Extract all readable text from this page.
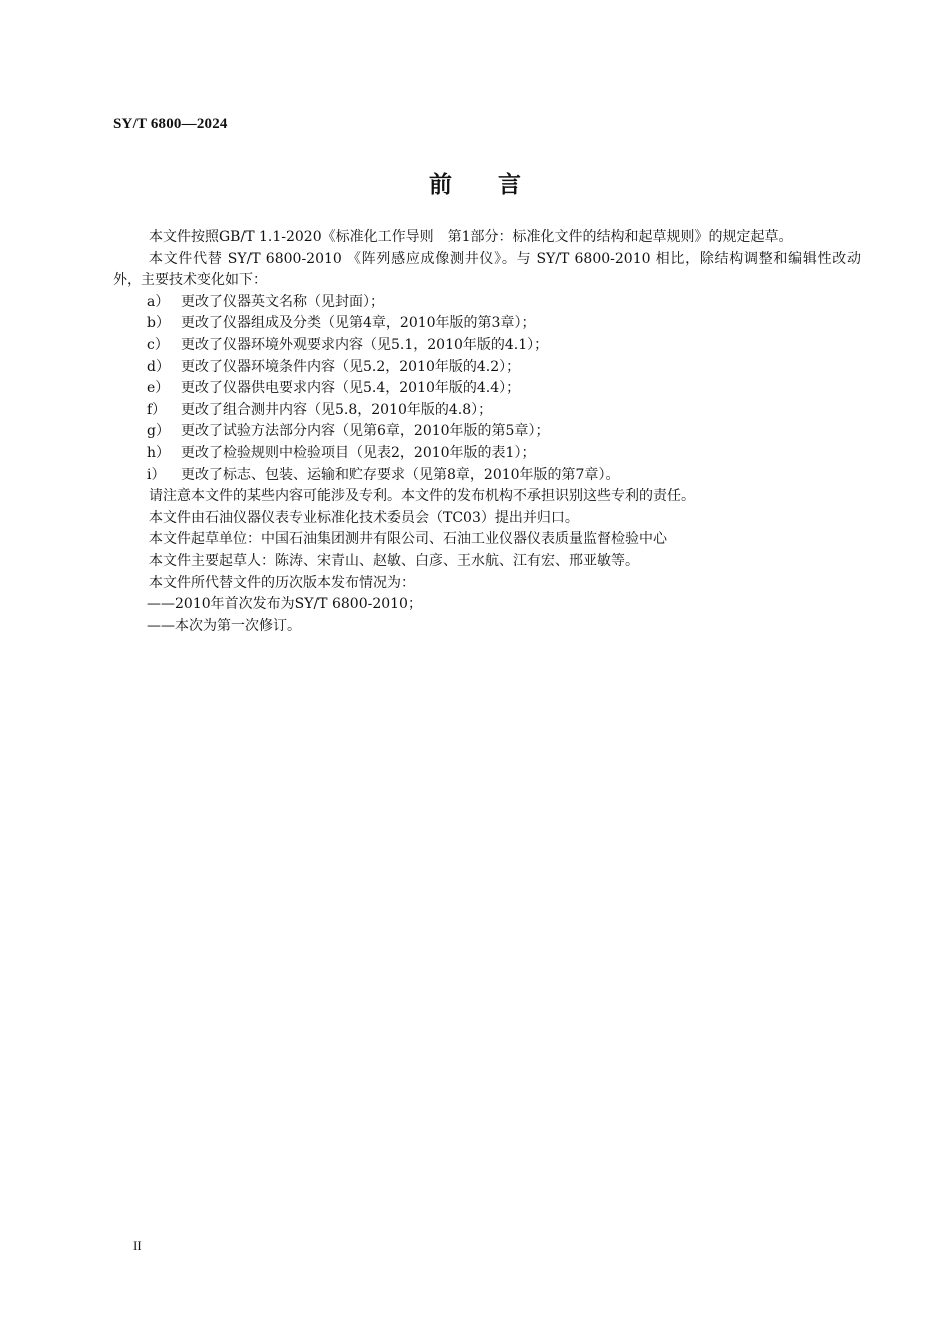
SY/T 6800—2024
前言

本文件按照GB/T 1.1-2020《标准化工作导则　第1部分：标准化文件的结构和起草规则》的规定起草。

本文件代替 SY/T 6800-2010 《阵列感应成像测井仪》。与 SY/T 6800-2010 相比，除结构调整和编辑性改动外，主要技术变化如下：

a） 更改了仪器英文名称（见封面）；

b） 更改了仪器组成及分类（见第4章，2010年版的第3章）；

c） 更改了仪器环境外观要求内容（见5.1，2010年版的4.1）；

d） 更改了仪器环境条件内容（见5.2，2010年版的4.2）；

e） 更改了仪器供电要求内容（见5.4，2010年版的4.4）；

f） 更改了组合测井内容（见5.8，2010年版的4.8）；

g） 更改了试验方法部分内容（见第6章，2010年版的第5章）；

h） 更改了检验规则中检验项目（见表2，2010年版的表1）；

i） 更改了标志、包装、运输和贮存要求（见第8章，2010年版的第7章）。

请注意本文件的某些内容可能涉及专利。本文件的发布机构不承担识别这些专利的责任。

本文件由石油仪器仪表专业标准化技术委员会（TC03）提出并归口。

本文件起草单位：中国石油集团测井有限公司、石油工业仪器仪表质量监督检验中心

本文件主要起草人：陈涛、宋青山、赵敏、白彦、王水航、江有宏、邢亚敏等。

本文件所代替文件的历次版本发布情况为：

——2010年首次发布为SY/T 6800-2010；

——本次为第一次修订。

II
